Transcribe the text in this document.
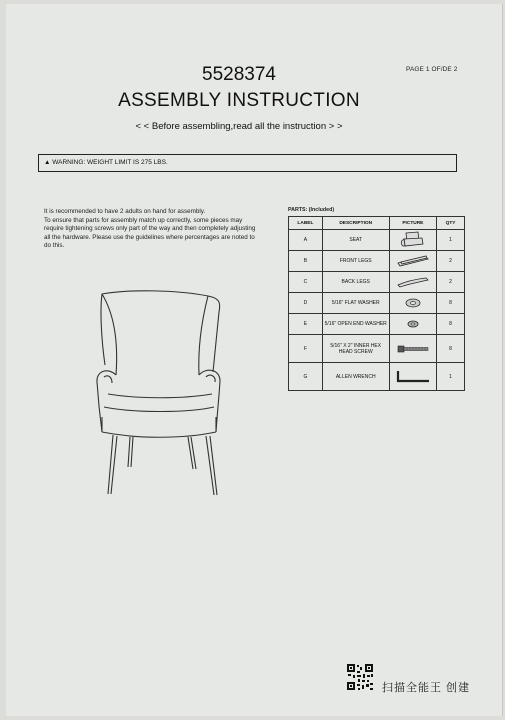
PAGE 1 OF/DE 2
5528374
ASSEMBLY INSTRUCTION
< < Before assembling,read all the instruction > >
▲ WARNING: WEIGHT LIMIT IS 275 LBS.

It is recommended to have 2 adults on hand for assembly.

To ensure that parts for assembly match up correctly, some pieces may require tightening screws only part of the way and then completely adjusting all the hardware. Please use the guidelines where percentages are noted to do this.

PARTS: (Included)
LABEL	DESCRIPTION	PICTURE	QTY
A	SEAT		1
B	FRONT LEGS		2
C	BACK LEGS		2
D	5/16" FLAT WASHER		8
E	5/16" OPEN END WASHER		8
F	5/16" X 2" INNER HEX HEAD SCREW		8
G	ALLEN WRENCH		1
扫描全能王 创建
